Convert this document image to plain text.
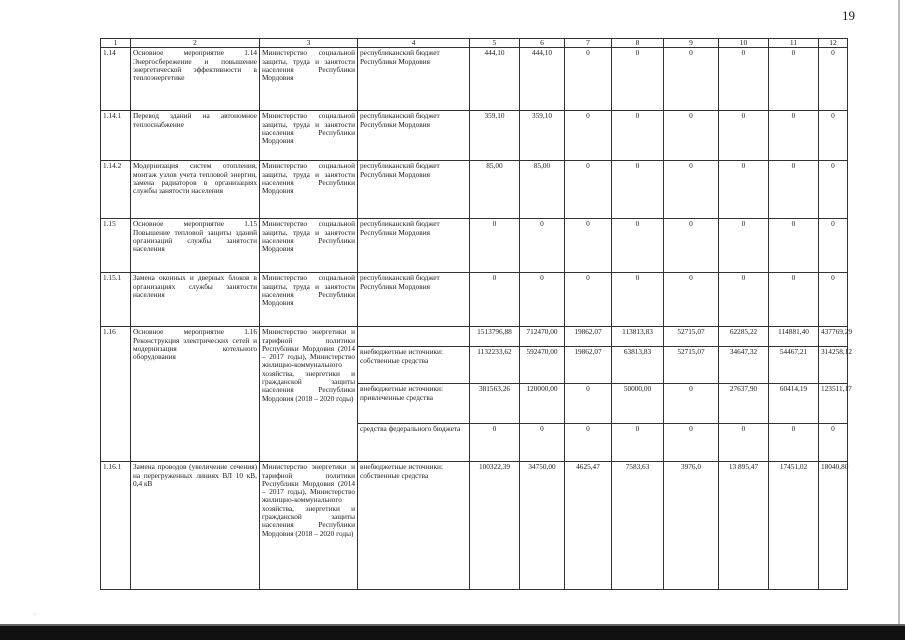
19
1	2	3	4	5	6	7	8	9	10	11	12
1.14	Основное мероприятие 1.14 Энергосбережение и повышение энергетической эффективности в теплоэнергетике	Министерство социальной защиты, труда и занятости населения Республики Мордовия	республиканский бюджет Республики Мордовия	444,10	444,10	0	0	0	0	0	0
1.14.1	Перевод зданий на автономное теплоснабжение	Министерство социальной защиты, труда и занятости населения Республики Мордовия	республиканский бюджет Республики Мордовия	359,10	359,10	0	0	0	0	0	0
1.14.2	Модернизация систем отопления, монтаж узлов учета тепловой энергии, замена радиаторов в организациях службы занятости населения	Министерство социальной защиты, труда и занятости населения Республики Мордовия	республиканский бюджет Республики Мордовия	85,00	85,00	0	0	0	0	0	0
1.15	Основное мероприятие 1.15 Повышение тепловой защиты зданий организаций службы занятости населения	Министерство социальной защиты, труда и занятости населения Республики Мордовия	республиканский бюджет Республики Мордовия	0	0	0	0	0	0	0	0
1.15.1	Замена оконных и дверных блоков в организациях службы занятости населения	Министерство социальной защиты, труда и занятости населения Республики Мордовия	республиканский бюджет Республики Мордовия	0	0	0	0	0	0	0	0
1.16	Основное мероприятие 1.16 Реконструкция электрических сетей и модернизация котельного оборудования	Министерство энергетики и тарифной политики Республики Мордовия (2014 – 2017 годы), Министерство жилищно-коммунального хозяйства, энергетики и гражданской защиты населения Республики Мордовия (2018 – 2020 годы)		1513796,88	712470,00	19862,07	113813,83	52715,07	62285,22	114881,40	437769,29
			внебюджетные источники: собственные средства	1132233,62	592470,00	19862,07	63813,83	52715,07	34647,32	54467,21	314258,12
			внебюджетные источники: привлеченные средства	381563,26	120000,00	0	50000,00	0	27637,90	60414,19	123511,17
			средства федерального бюджета	0	0	0	0	0	0	0	0
1.16.1	Замена проводов (увеличение сечения) на перегруженных линиях ВЛ 10 кВ, 0,4 кВ	Министерство энергетики и тарифной политики Республики Мордовия (2014 – 2017 годы), Министерство жилищно-коммунального хозяйства, энергетики и гражданской защиты населения Республики Мордовия (2018 – 2020 годы)	внебюджетные источники: собственные средства	100322,39	34750,00	4625,47	7583,63	3976,0	13 895,47	17451,02	18040,80
·
